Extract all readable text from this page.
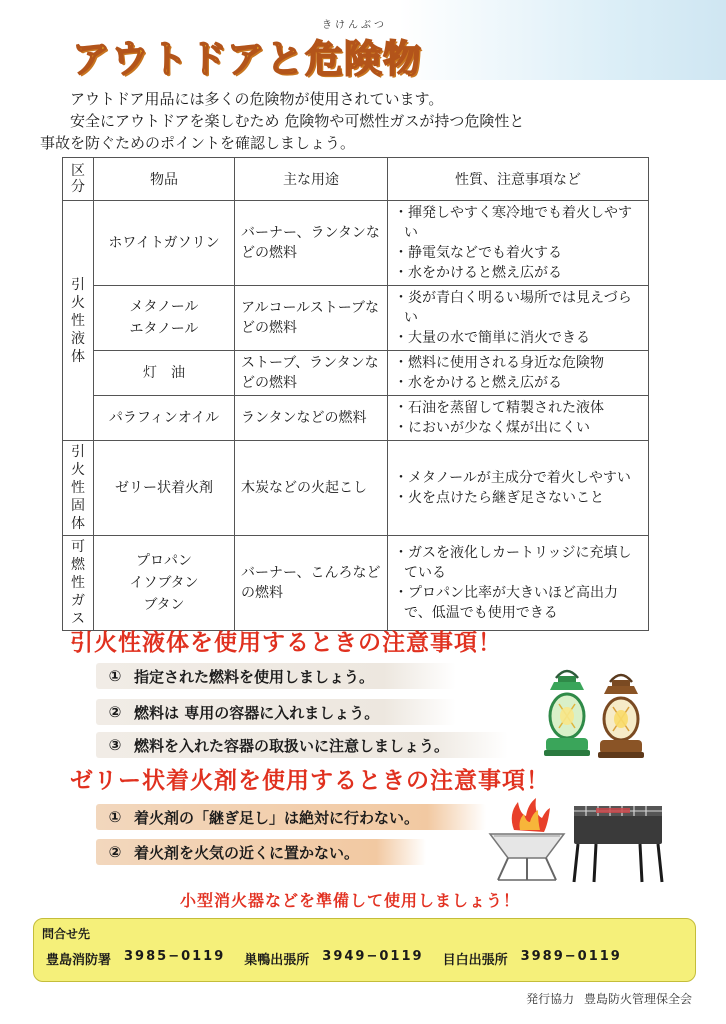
きけんぶつ
アウトドアと危険物
アウトドア用品には多くの危険物が使用されています。
安全にアウトドアを楽しむため 危険物や可燃性ガスが持つ危険性と
事故を防ぐためのポイントを確認しましょう。
区分	物品	主な用途	性質、注意事項など
引火性液体	ホワイトガソリン	バーナー、ランタンなどの燃料	・ 揮発しやすく寒冷地でも着火しやすい
・ 静電気などでも着火する
・ 水をかけると燃え広がる

	メタノール
エタノール	アルコールストーブなどの燃料	・ 炎が青白く明るい場所では見えづらい
・ 大量の水で簡単に消火できる

	灯　油	ストーブ、ランタンなどの燃料	・ 燃料に使用される身近な危険物
・ 水をかけると燃え広がる

	パラフィンオイル	ランタンなどの燃料	・ 石油を蒸留して精製された液体
・ においが少なく煤が出にくい

引火性固体	ゼリー状着火剤	木炭などの火起こし	・ メタノールが主成分で着火しやすい
・ 火を点けたら継ぎ足さないこと

可燃性ガス	プロパン
イソブタン
ブタン	バーナー、こんろなどの燃料	・ ガスを液化しカートリッジに充填している
・ プロパン比率が大きいほど高出力で、低温でも使用できる
引火性液体を使用するときの注意事項！
① 指定された燃料を使用しましょう。
② 燃料は 専用の容器に入れましょう。
③ 燃料を入れた容器の取扱いに注意しましょう。
ゼリー状着火剤を使用するときの注意事項！
① 着火剤の「継ぎ足し」は絶対に行わない。
② 着火剤を火気の近くに置かない。
小型消火器などを準備して使用しましょう！
問合せ先
豊島消防署 3985−0119 巣鴨出張所 3949−0119 目白出張所 3989−0119
発行協力 豊島防火管理保全会
